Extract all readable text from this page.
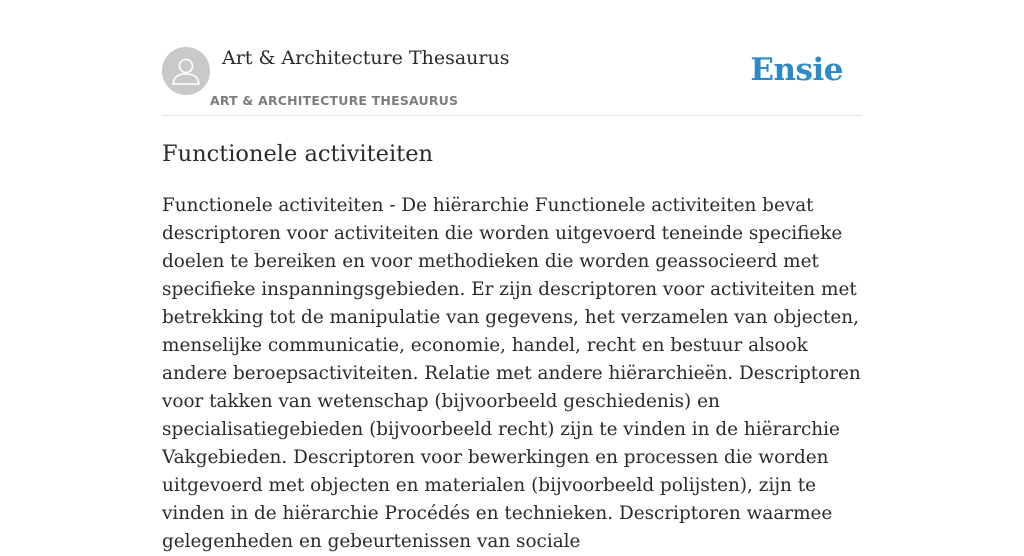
Art & Architecture Thesaurus
ART & ARCHITECTURE THESAURUS
Ensie
Functionele activiteiten

Functionele activiteiten - De hiërarchie Functionele activiteiten bevat descriptoren voor activiteiten die worden uitgevoerd teneinde specifieke doelen te bereiken en voor methodieken die worden geassocieerd met specifieke inspanningsgebieden. Er zijn descriptoren voor activiteiten met betrekking tot de manipulatie van gegevens, het verzamelen van objecten, menselijke communicatie, economie, handel, recht en bestuur alsook andere beroepsactiviteiten. Relatie met andere hiërarchieën. Descriptoren voor takken van wetenschap (bijvoorbeeld geschiedenis) en specialisatiegebieden (bijvoorbeeld recht) zijn te vinden in de hiërarchie Vakgebieden. Descriptoren voor bewerkingen en processen die worden uitgevoerd met objecten en materialen (bijvoorbeeld polijsten), zijn te vinden in de hiërarchie Procédés en technieken. Descriptoren waarmee gelegenheden en gebeurtenissen van sociale
